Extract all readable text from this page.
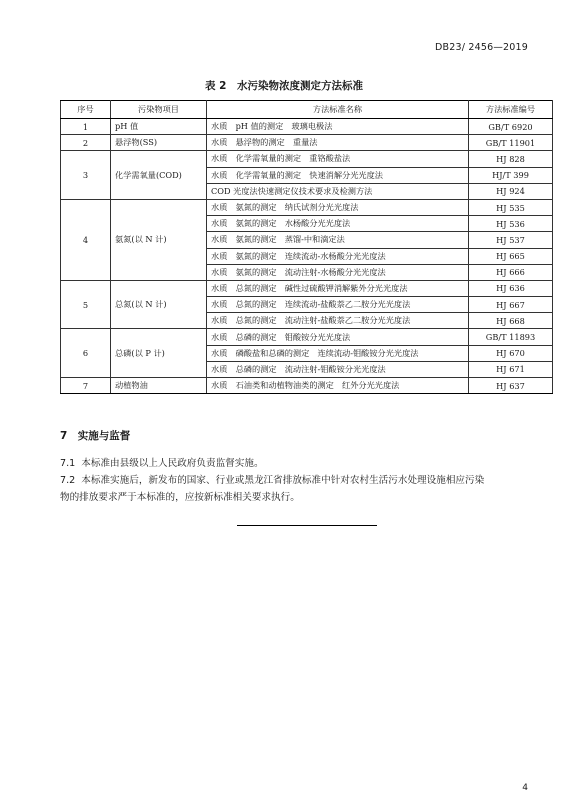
DB23/ 2456—2019
表 2　水污染物浓度测定方法标准
序号	污染物项目	方法标准名称	方法标准编号
1	pH 值	水质　pH 值的测定　玻璃电极法	GB/T 6920
2	悬浮物(SS)	水质　悬浮物的测定　重量法	GB/T 11901
3	化学需氧量(COD)	水质　化学需氧量的测定　重铬酸盐法	HJ 828
		水质　化学需氧量的测定　快速消解分光光度法	HJ/T 399
		COD 光度法快速测定仪技术要求及检测方法	HJ 924
4	氨氮(以 N 计)	水质　氨氮的测定　纳氏试剂分光光度法	HJ 535
		水质　氨氮的测定　水杨酸分光光度法	HJ 536
		水质　氨氮的测定　蒸馏-中和滴定法	HJ 537
		水质　氨氮的测定　连续流动-水杨酸分光光度法	HJ 665
		水质　氨氮的测定　流动注射-水杨酸分光光度法	HJ 666
5	总氮(以 N 计)	水质　总氮的测定　碱性过硫酸钾消解紫外分光光度法	HJ 636
		水质　总氮的测定　连续流动-盐酸萘乙二胺分光光度法	HJ 667
		水质　总氮的测定　流动注射-盐酸萘乙二胺分光光度法	HJ 668
6	总磷(以 P 计)	水质　总磷的测定　钼酸铵分光光度法	GB/T 11893
		水质　磷酸盐和总磷的测定　连续流动-钼酸铵分光光度法	HJ 670
		水质　总磷的测定　流动注射-钼酸铵分光光度法	HJ 671
7	动植物油	水质　石油类和动植物油类的测定　红外分光光度法	HJ 637
7　实施与监督
7.1 本标准由县级以上人民政府负责监督实施。
7.2 本标准实施后，新发布的国家、行业或黑龙江省排放标准中针对农村生活污水处理设施相应污染
物的排放要求严于本标准的，应按新标准相关要求执行。
4
